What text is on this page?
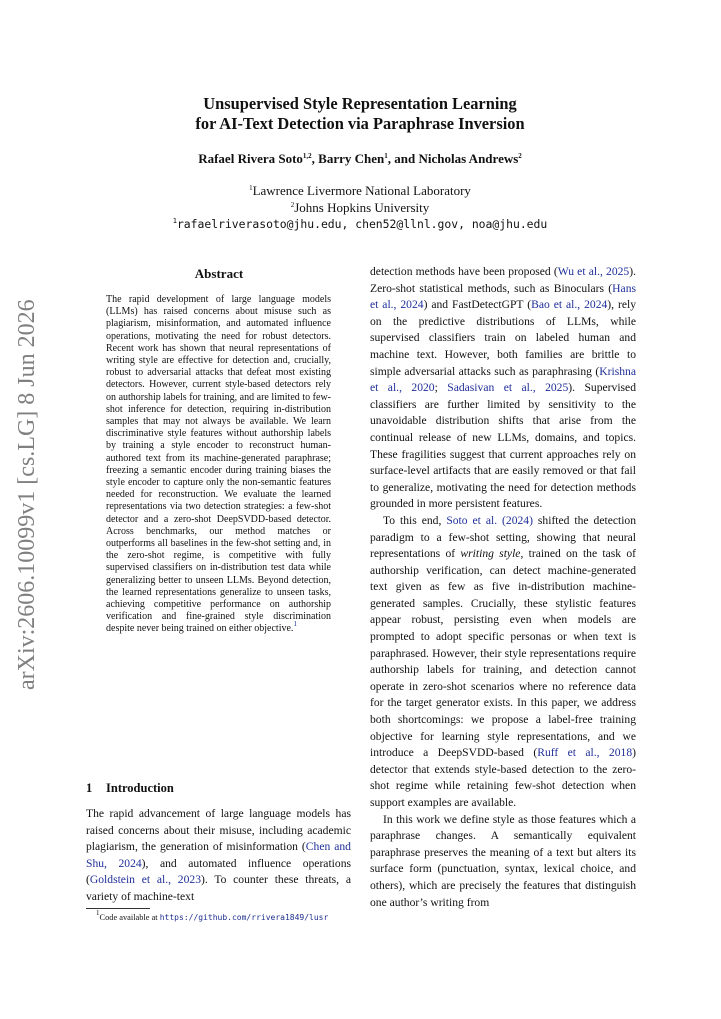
arXiv:2606.10099v1 [cs.LG] 8 Jun 2026
Unsupervised Style Representation Learning
for AI-Text Detection via Paraphrase Inversion
Rafael Rivera Soto$^{1,2}$, Barry Chen$^1$, and Nicholas Andrews$^2$
$^1$Lawrence Livermore National Laboratory
$^2$Johns Hopkins University
$^1$rafaelriverasoto@jhu.edu, chen52@llnl.gov, noa@jhu.edu
Abstract
The rapid development of large language models (LLMs) has raised concerns about misuse such as plagiarism, misinformation, and automated influence operations, motivating the need for robust detectors. Recent work has shown that neural representations of writing style are effective for detection and, crucially, robust to adversarial attacks that defeat most existing detectors. However, current style-based detectors rely on authorship labels for training, and are limited to few-shot inference for detection, requiring in-distribution samples that may not always be available. We learn discriminative style features without authorship labels by training a style encoder to reconstruct human-authored text from its machine-generated paraphrase; freezing a semantic encoder during training biases the style encoder to capture only the non-semantic features needed for reconstruction. We evaluate the learned representations via two detection strategies: a few-shot detector and a zero-shot DeepSVDD-based detector. Across benchmarks, our method matches or outperforms all baselines in the few-shot setting and, in the zero-shot regime, is competitive with fully supervised classifiers on in-distribution test data while generalizing better to unseen LLMs. Beyond detection, the learned representations generalize to unseen tasks, achieving competitive performance on authorship verification and fine-grained style discrimination despite never being trained on either objective.$^1$
1 Introduction
The rapid advancement of large language models has raised concerns about their misuse, including academic plagiarism, the generation of misinformation (Chen and Shu, 2024), and automated influence operations (Goldstein et al., 2023). To counter these threats, a variety of machine-text
$^1$Code available at https://github.com/rrivera1849/lusr

detection methods have been proposed (Wu et al., 2025). Zero-shot statistical methods, such as Binoculars (Hans et al., 2024) and FastDetectGPT (Bao et al., 2024), rely on the predictive distributions of LLMs, while supervised classifiers train on labeled human and machine text. However, both families are brittle to simple adversarial attacks such as paraphrasing (Krishna et al., 2020; Sadasivan et al., 2025). Supervised classifiers are further limited by sensitivity to the unavoidable distribution shifts that arise from the continual release of new LLMs, domains, and topics. These fragilities suggest that current approaches rely on surface-level artifacts that are easily removed or that fail to generalize, motivating the need for detection methods grounded in more persistent features.

To this end, Soto et al. (2024) shifted the detection paradigm to a few-shot setting, showing that neural representations of writing style, trained on the task of authorship verification, can detect machine-generated text given as few as five in-distribution machine-generated samples. Crucially, these stylistic features appear robust, persisting even when models are prompted to adopt specific personas or when text is paraphrased. However, their style representations require authorship labels for training, and detection cannot operate in zero-shot scenarios where no reference data for the target generator exists. In this paper, we address both shortcomings: we propose a label-free training objective for learning style representations, and we introduce a DeepSVDD-based (Ruff et al., 2018) detector that extends style-based detection to the zero-shot regime while retaining few-shot detection when support examples are available.

In this work we define style as those features which a paraphrase changes. A semantically equivalent paraphrase preserves the meaning of a text but alters its surface form (punctuation, syntax, lexical choice, and others), which are precisely the features that distinguish one author’s writing from
